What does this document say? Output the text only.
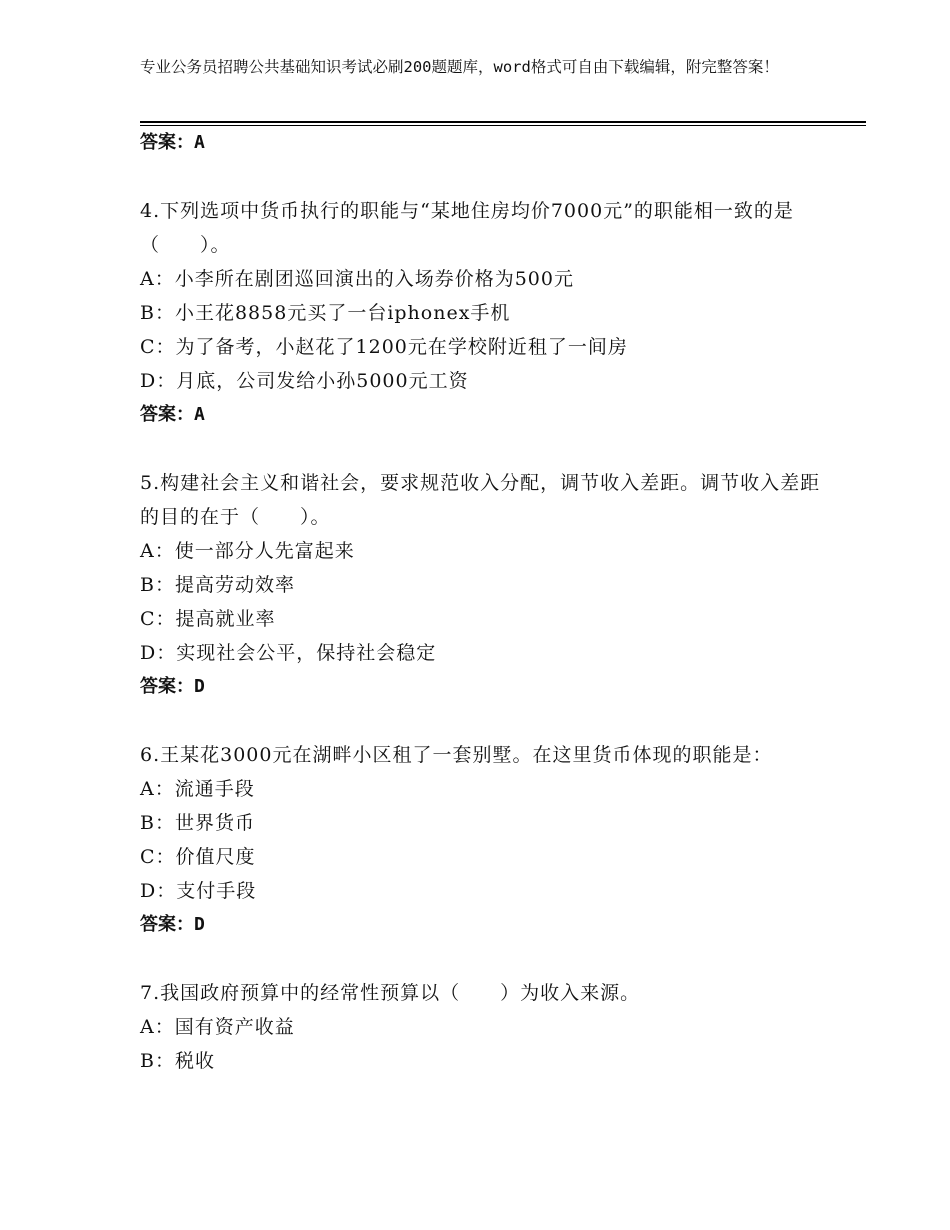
专业公务员招聘公共基础知识考试必刷200题题库，word格式可自由下载编辑，附完整答案！
答案：A
4.下列选项中货币执行的职能与“某地住房均价7000元”的职能相一致的是（　　）。
A：小李所在剧团巡回演出的入场券价格为500元
B：小王花8858元买了一台iphonex手机
C：为了备考，小赵花了1200元在学校附近租了一间房
D：月底，公司发给小孙5000元工资
答案：A
5.构建社会主义和谐社会，要求规范收入分配，调节收入差距。调节收入差距的目的在于（　　）。
A：使一部分人先富起来
B：提高劳动效率
C：提高就业率
D：实现社会公平，保持社会稳定
答案：D
6.王某花3000元在湖畔小区租了一套别墅。在这里货币体现的职能是：
A：流通手段
B：世界货币
C：价值尺度
D：支付手段
答案：D
7.我国政府预算中的经常性预算以（　　）为收入来源。
A：国有资产收益
B：税收
